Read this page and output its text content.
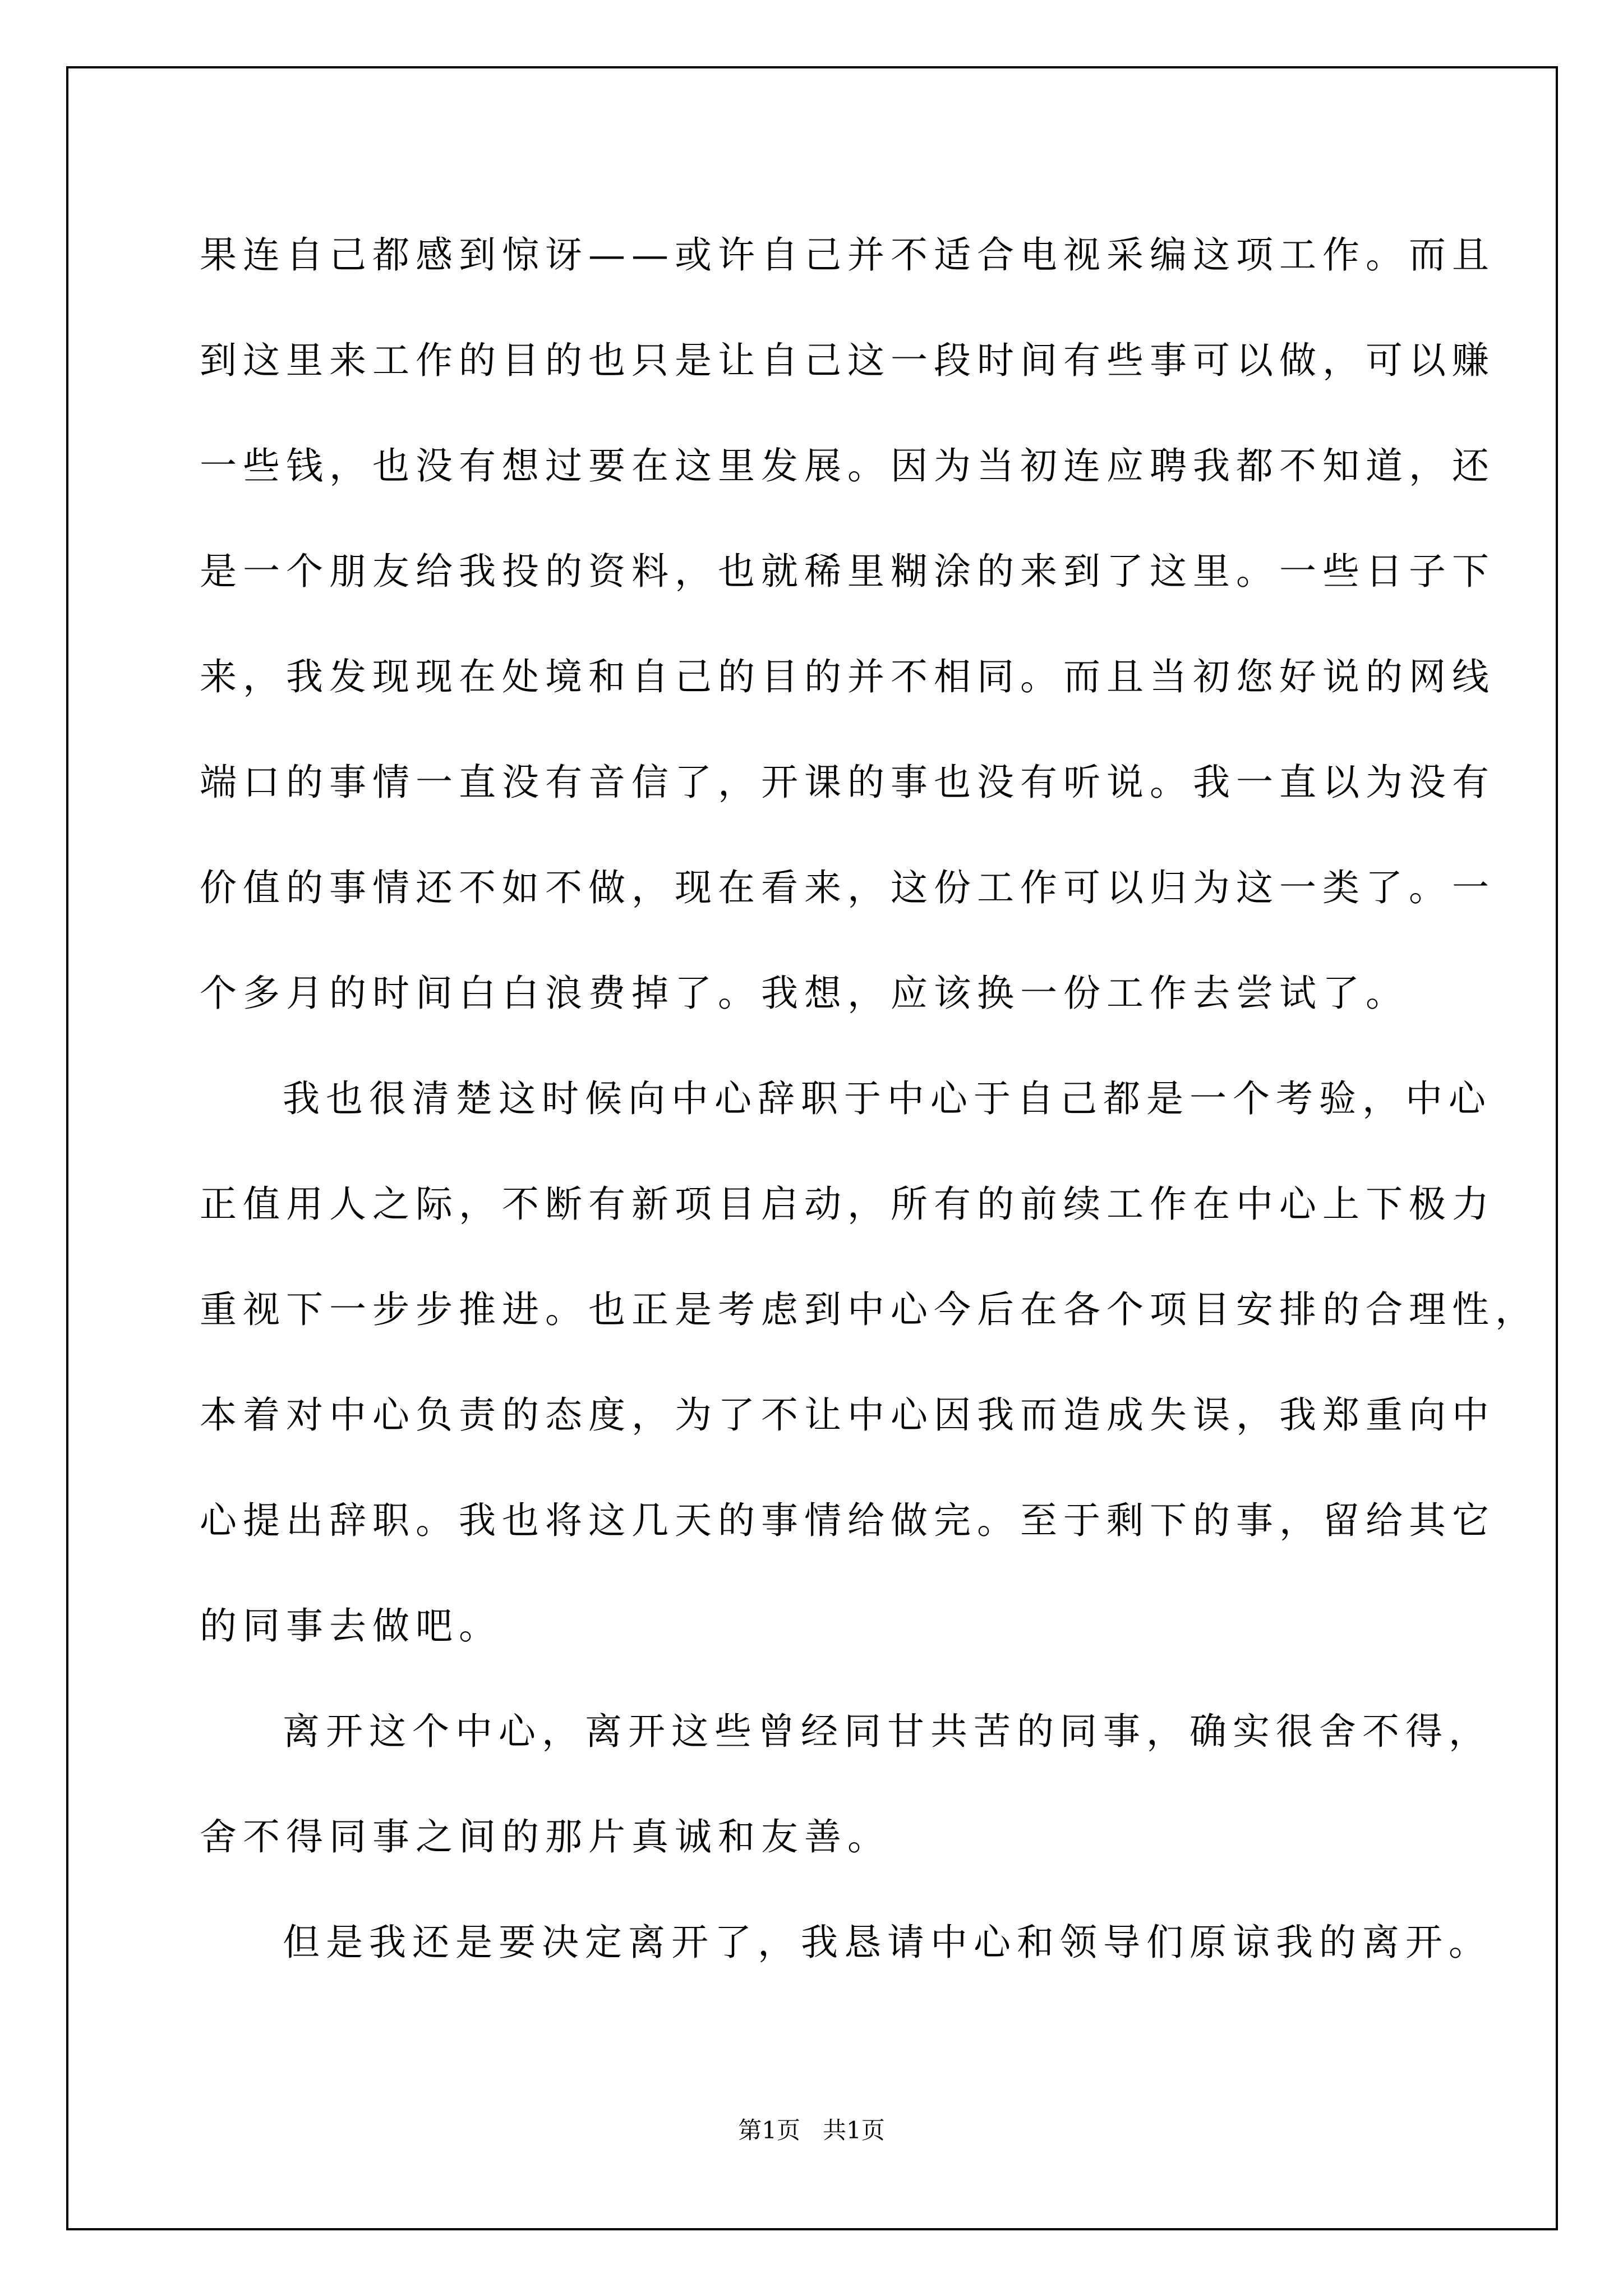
果连自己都感到惊讶——或许自己并不适合电视采编这项工作。而且
到这里来工作的目的也只是让自己这一段时间有些事可以做，可以赚
一些钱，也没有想过要在这里发展。因为当初连应聘我都不知道，还
是一个朋友给我投的资料，也就稀里糊涂的来到了这里。一些日子下
来，我发现现在处境和自己的目的并不相同。而且当初您好说的网线
端口的事情一直没有音信了，开课的事也没有听说。我一直以为没有
价值的事情还不如不做，现在看来，这份工作可以归为这一类了。一
个多月的时间白白浪费掉了。我想，应该换一份工作去尝试了。
我也很清楚这时候向中心辞职于中心于自己都是一个考验，中心
正值用人之际，不断有新项目启动，所有的前续工作在中心上下极力
重视下一步步推进。也正是考虑到中心今后在各个项目安排的合理性，
本着对中心负责的态度，为了不让中心因我而造成失误，我郑重向中
心提出辞职。我也将这几天的事情给做完。至于剩下的事，留给其它
的同事去做吧。
离开这个中心，离开这些曾经同甘共苦的同事，确实很舍不得，
舍不得同事之间的那片真诚和友善。
但是我还是要决定离开了，我恳请中心和领导们原谅我的离开。
第1页   共1页
